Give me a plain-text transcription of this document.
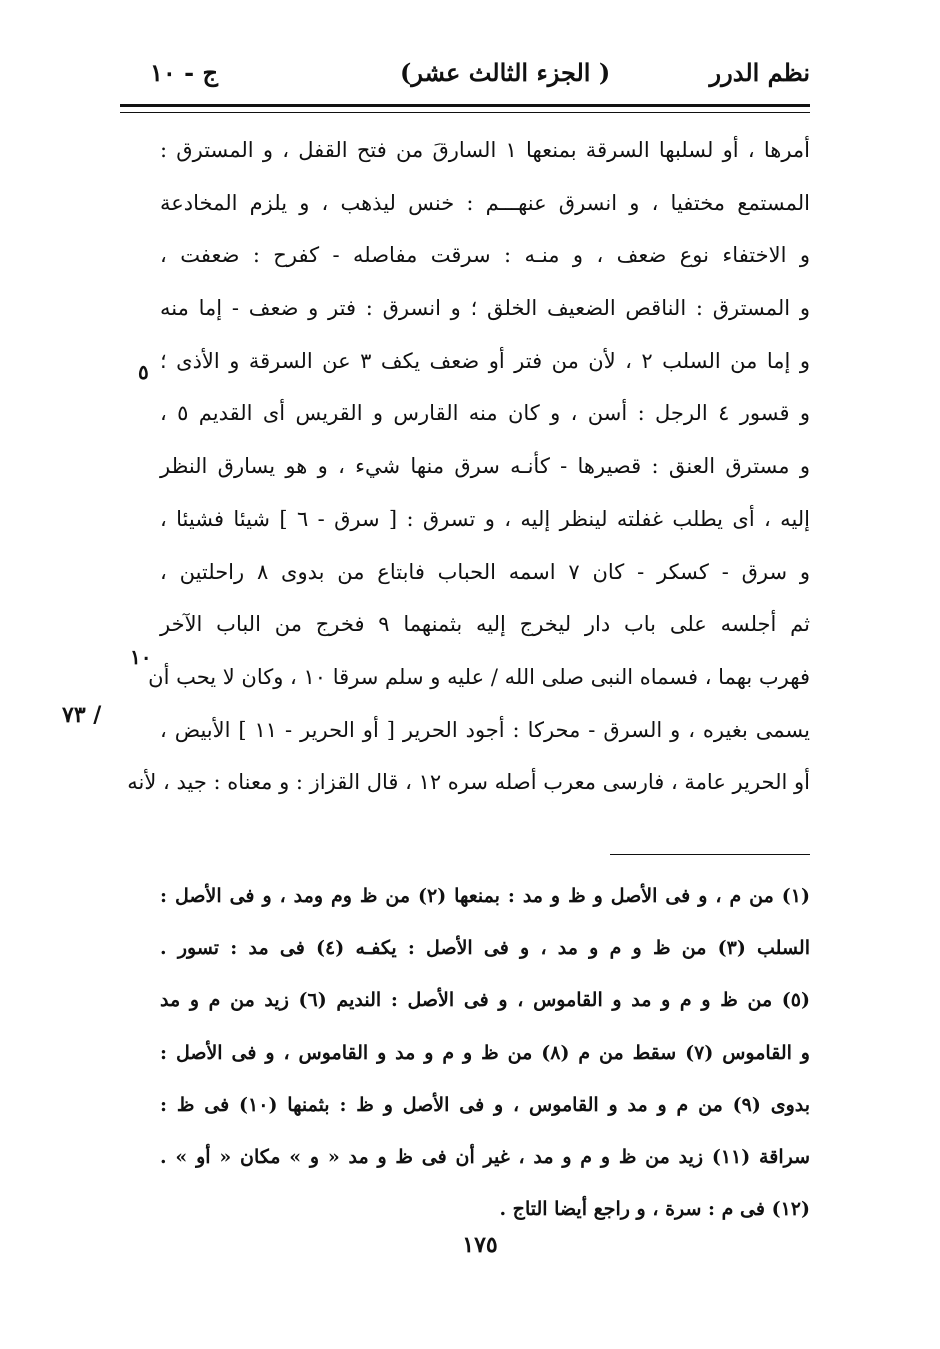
نظم الدرر
(الجزء الثالث عشر )
ج - ١٠
أمرها ، أو لسلبها السرقة بمنعها ١ السارقَ من فتح القفل ، و المسترق :
المستمع مختفيا ، و انسرق عنهـــم : خنس ليذهب ، و يلزم المخادعة
و الاختفاء نوع ضعف ، و منـه : سرقت مفاصله - كفرح : ضعفت ،
و المسترق : الناقص الضعيف الخلق ؛ و انسرق : فتر و ضعف - إما منه
و إما من السلب ٢ ، لأن من فتر أو ضعف يكف ٣ عن السرقة و الأذى ؛
و قسور ٤ الرجل : أسن ، و كان منه القارس و القريس أى القديم ٥ ،
و مسترق العنق : قصيرها - كأنـه سرق منها شيء ، و هو يسارق النظر
إليه ، أى يطلب غفلته لينظر إليه ، و تسرق : [ سرق - ٦ ] شيئا فشيئا ،
و سرق - كسكر - كان ٧ اسمه الحباب فابتاع من بدوى ٨ راحلتين ،
ثم أجلسه على باب دار ليخرج إليه بثمنهما ٩ فخرج من الباب الآخر
فهرب بهما ، فسماه النبى صلى الله / عليه و سلم سرقا ١٠ ، وكان لا يحب أن
يسمى بغيره ، و السرق - محركا : أجود الحرير [ أو الحرير - ١١ ] الأبيض ،
أو الحرير عامة ، فارسى معرب أصله سره ١٢ ، قال القزاز : و معناه : جيد ، لأنه
٥
١٠
٧٣ /
(١) من م ، و فى الأصل و ظ و مد : بمنعها (٢) من ظ وم ومد ، و فى الأصل :
السلب (٣) من ظ و م و مد ، و فى الأصل : يكفـه (٤) فى مد : تسور .
(٥) من ظ و م و مد و القاموس ، و فى الأصل : النديم (٦) زيد من م و مد
و القاموس (٧) سقط من م (٨) من ظ و م و مد و القاموس ، و فى الأصل :
بدوى (٩) من م و مد و القاموس ، و فى الأصل و ظ : بثمنها (١٠) فى ظ :
سراقة (١١) زيد من ظ و م و مد ، غير أن فى ظ و مد « و » مكان « أو » .
(١٢) فى م : سرة ، و راجع أيضا التاج .
١٧٥
